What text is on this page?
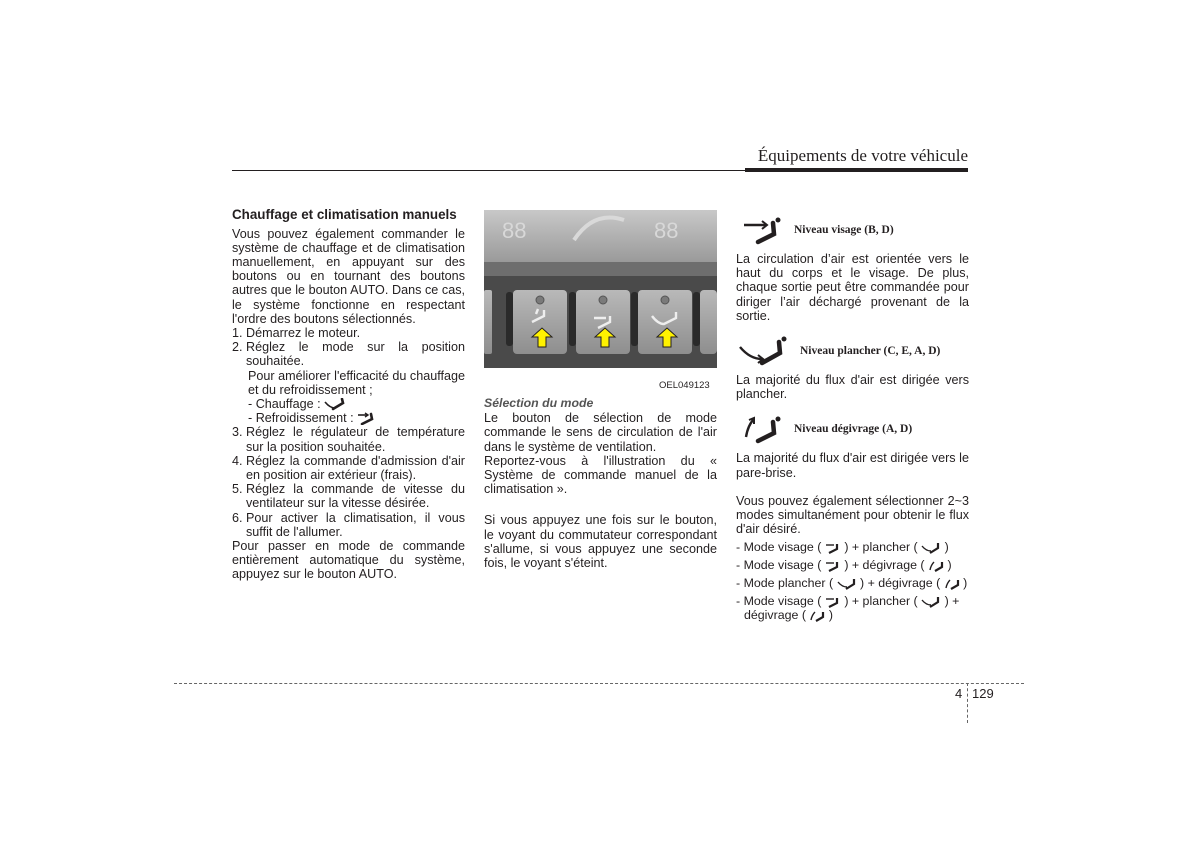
Équipements de votre véhicule
Chauffage et climatisation manuels

Vous pouvez également commander le système de chauffage et de climatisation manuellement, en appuyant sur des boutons ou en tournant des boutons autres que le bouton AUTO. Dans ce cas, le système fonctionne en respectant l'ordre des boutons sélectionnés.

1. Démarrez le moteur.
2. Réglez le mode sur la position souhaitée.
Pour améliorer l'efficacité du chauffage et du refroidissement ;
- Chauffage :
- Refroidissement :
3. Réglez le régulateur de température sur la position souhaitée.
4. Réglez la commande d'admission d'air en position air extérieur (frais).
5. Réglez la commande de vitesse du ventilateur sur la vitesse désirée.
6. Pour activer la climatisation, il vous suffit de l'allumer.

Pour passer en mode de commande entièrement automatique du système, appuyez sur le bouton AUTO.

88	88
OEL049123
Sélection du mode

Le bouton de sélection de mode commande le sens de circulation de l'air dans le système de ventilation.

Reportez-vous à l'illustration du « Système de commande manuel de la climatisation ».

Si vous appuyez une fois sur le bouton, le voyant du commutateur correspondant s'allume, si vous appuyez une seconde fois, le voyant s'éteint.

Niveau visage (B, D)

La circulation d’air est orientée vers le haut du corps et le visage. De plus, chaque sortie peut être commandée pour diriger l’air déchargé provenant de la sortie.

Niveau plancher (C, E, A, D)

La majorité du flux d'air est dirigée vers plancher.

Niveau dégivrage (A, D)

La majorité du flux d'air est dirigée vers le pare-brise.

Vous pouvez également sélectionner 2~3 modes simultanément pour obtenir le flux d'air désiré.

- Mode visage ( ) + plancher ( )
- Mode visage ( ) + dégivrage ( )
- Mode plancher ( ) + dégivrage ( )
- Mode visage ( ) + plancher ( ) +
dégivrage ( )
4 129
